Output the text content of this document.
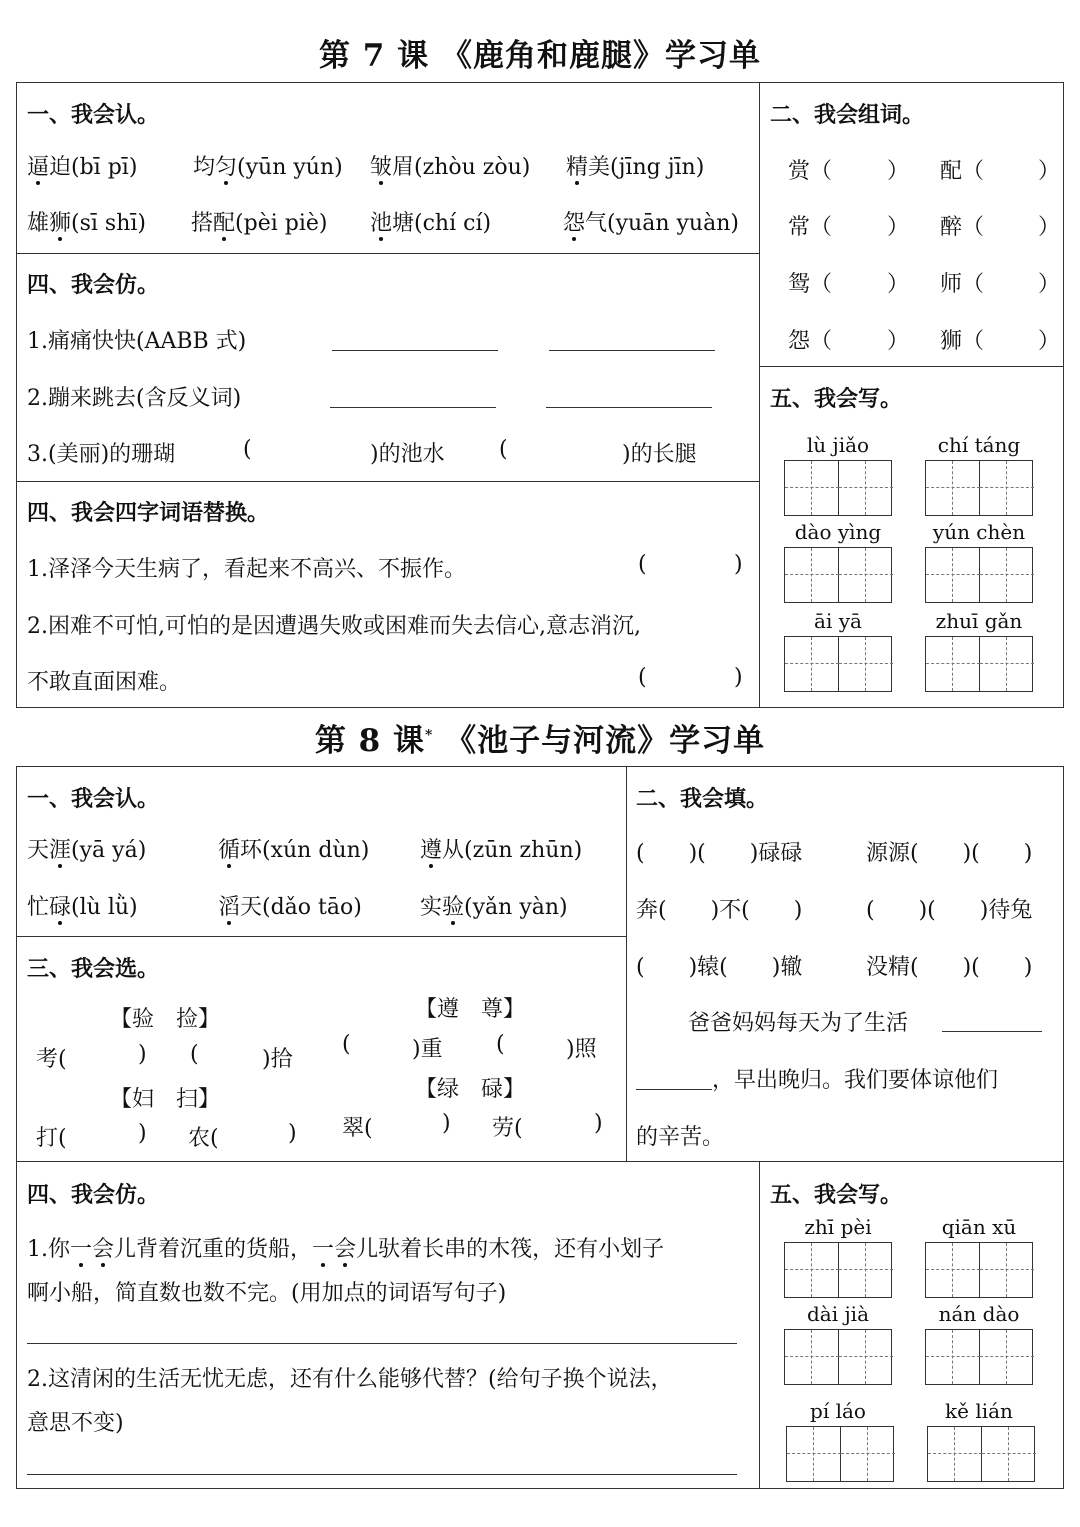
第 7 课 《鹿角和鹿腿》学习单
一、我会认。
逼迫(bī pī)	均匀(yūn yún) 皱眉(zhòu zòu) 精美(jīng jīn)
雄狮(sī shī) 搭配(pèi piè) 池塘(chí cí)	怨气(yuān yuàn)
二、我会组词。
赏（ ） 配（ ）
常（ ） 醉（ ）
鸳（ ） 师（ ）
怨（ ） 狮（ ）
四、我会仿。
1.痛痛快快(AABB 式)
2.蹦来跳去(含反义词)
3.(美丽)的珊瑚	(	)的池水 (	)的长腿
四、我会四字词语替换。
1.泽泽今天生病了，看起来不高兴、不振作。	(	)
2.困难不可怕,可怕的是因遭遇失败或困难而失去信心,意志消沉,
不敢直面困难。	(	)
五、我会写。
lù jiǎo	chí táng
dào yìng	yún chèn
āi yā	zhuī gǎn
第 8 课* 《池子与河流》学习单
一、我会认。
天涯(yā yá)	循环(xún dùn) 遵从(zūn zhūn)
忙碌(lù lǜ)	滔天(dǎo tāo)	实验(yǎn yàn)
三、我会选。
【验　捡】
考(	) (	)拾
【妇　扫】
打(	) 农(	)
【遵　尊】
(	)重 (	)照
【绿　碌】
翠(	) 劳(	)
二、我会填。
(　　)(　　)碌碌	源源(　　)(　　)
奔(　　)不(　　)	(　　)(　　)待兔
(　　)辕(　　)辙	没精(　　)(　　)
爸爸妈妈每天为了生活
，早出晚归。我们要体谅他们
的辛苦。
四、我会仿。
1.你一会儿背着沉重的货船，一会儿驮着长串的木筏，还有小划子
啊小船，简直数也数不完。(用加点的词语写句子)
2.这清闲的生活无忧无虑，还有什么能够代替？(给句子换个说法，
意思不变)
五、我会写。
zhī pèi	qiān xū
dài jià	nán dào
pí láo	kě lián
